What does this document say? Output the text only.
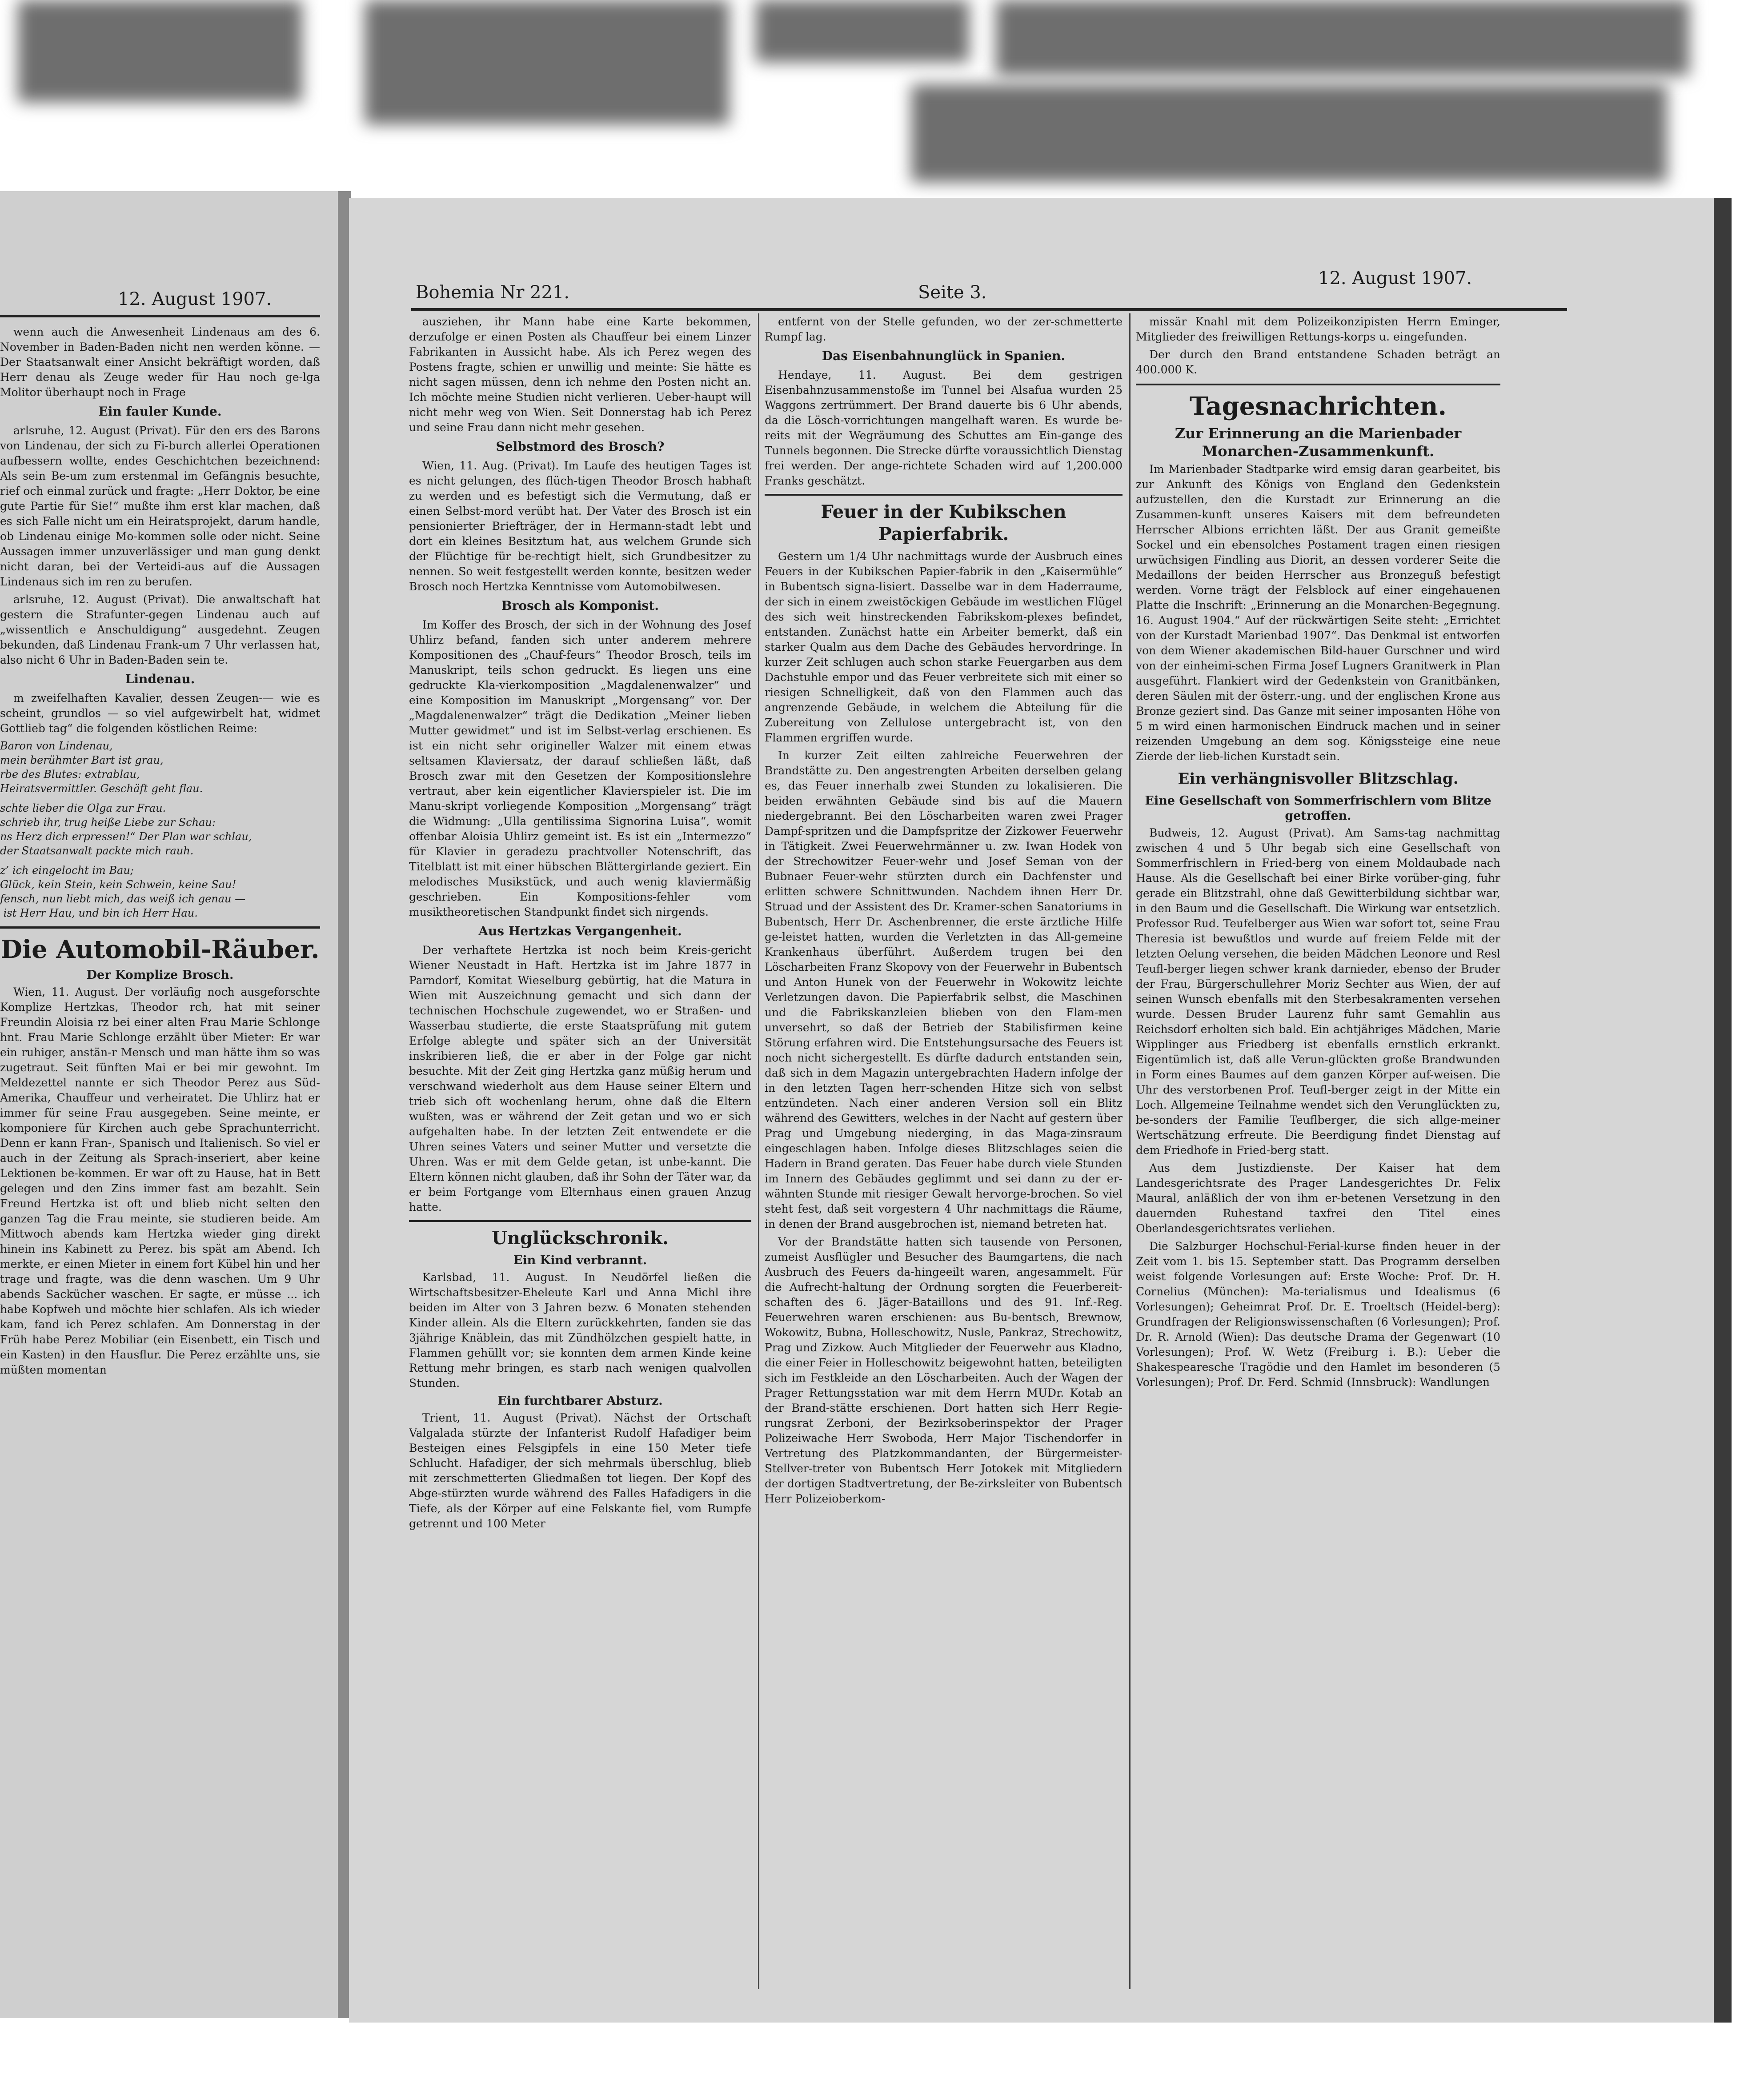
12. August 1907.

wenn auch die Anwesenheit Lindenaus am des 6. November in Baden-Baden nicht nen werden könne. — Der Staatsanwalt einer Ansicht bekräftigt worden, daß Herr denau als Zeuge weder für Hau noch ge-lga Molitor überhaupt noch in Frage

Ein fauler Kunde.

arlsruhe, 12. August (Privat). Für den ers des Barons von Lindenau, der sich zu Fi-burch allerlei Operationen aufbessern wollte, endes Geschichtchen bezeichnend: Als sein Be-um zum erstenmal im Gefängnis besuchte, rief och einmal zurück und fragte: „Herr Doktor, be eine gute Partie für Sie!“ mußte ihm erst klar machen, daß es sich Falle nicht um ein Heiratsprojekt, darum handle, ob Lindenau einige Mo-kommen solle oder nicht. Seine Aussagen immer unzuverlässiger und man gung denkt nicht daran, bei der Verteidi-aus auf die Aussagen Lindenaus sich im ren zu berufen.

arlsruhe, 12. August (Privat). Die anwaltschaft hat gestern die Strafunter-gegen Lindenau auch auf „wissentlich e Anschuldigung“ ausgedehnt. Zeugen bekunden, daß Lindenau Frank-um 7 Uhr verlassen hat, also nicht 6 Uhr in Baden-Baden sein te.

Lindenau.

m zweifelhaften Kavalier, dessen Zeugen-— wie es scheint, grundlos — so viel aufgewirbelt hat, widmet Gottlieb tag“ die folgenden köstlichen Reime:

Baron von Lindenau,
mein berühmter Bart ist grau,
rbe des Blutes: extrablau,
Heiratsvermittler. Geschäft geht flau.
schte lieber die Olga zur Frau.
schrieb ihr, trug heiße Liebe zur Schau:
ns Herz dich erpressen!“ Der Plan war schlau,
der Staatsanwalt packte mich rauh.
z’ ich eingelocht im Bau;
Glück, kein Stein, kein Schwein, keine Sau!
fensch, nun liebt mich, das weiß ich genau —
ist Herr Hau, und bin ich Herr Hau.
Die Automobil-Räuber.
Der Komplize Brosch.

Wien, 11. August. Der vorläufig noch ausgeforschte Komplize Hertzkas, Theodor rch, hat mit seiner Freundin Aloisia rz bei einer alten Frau Marie Schlonge hnt. Frau Marie Schlonge erzählt über Mieter: Er war ein ruhiger, anstän-r Mensch und man hätte ihm so was zugetraut. Seit fünften Mai er bei mir gewohnt. Im Meldezettel nannte er sich Theodor Perez aus Süd-Amerika, Chauffeur und verheiratet. Die Uhlirz hat er immer für seine Frau ausgegeben. Seine meinte, er komponiere für Kirchen auch gebe Sprachunterricht. Denn er kann Fran-, Spanisch und Italienisch. So viel er auch in der Zeitung als Sprach-inseriert, aber keine Lektionen be-kommen. Er war oft zu Hause, hat in Bett gelegen und den Zins immer fast am bezahlt. Sein Freund Hertzka ist oft und blieb nicht selten den ganzen Tag die Frau meinte, sie studieren beide. Am Mittwoch abends kam Hertzka wieder ging direkt hinein ins Kabinett zu Perez. bis spät am Abend. Ich merkte, er einen Mieter in einem fort Kübel hin und her trage und fragte, was die denn waschen. Um 9 Uhr abends Sackücher waschen. Er sagte, er müsse ... ich habe Kopfweh und möchte hier schlafen. Als ich wieder kam, fand ich Perez schlafen. Am Donnerstag in der Früh habe Perez Mobiliar (ein Eisenbett, ein Tisch und ein Kasten) in den Hausflur. Die Perez erzählte uns, sie müßten momentan

Bohemia Nr 221.	Seite 3.
12. August 1907.

ausziehen, ihr Mann habe eine Karte bekommen, derzufolge er einen Posten als Chauffeur bei einem Linzer Fabrikanten in Aussicht habe. Als ich Perez wegen des Postens fragte, schien er unwillig und meinte: Sie hätte es nicht sagen müssen, denn ich nehme den Posten nicht an. Ich möchte meine Studien nicht verlieren. Ueber-haupt will nicht mehr weg von Wien. Seit Donnerstag hab ich Perez und seine Frau dann nicht mehr gesehen.

Selbstmord des Brosch?

Wien, 11. Aug. (Privat). Im Laufe des heutigen Tages ist es nicht gelungen, des flüch-tigen Theodor Brosch habhaft zu werden und es befestigt sich die Vermutung, daß er einen Selbst-mord verübt hat. Der Vater des Brosch ist ein pensionierter Briefträger, der in Hermann-stadt lebt und dort ein kleines Besitztum hat, aus welchem Grunde sich der Flüchtige für be-rechtigt hielt, sich Grundbesitzer zu nennen. So weit festgestellt werden konnte, besitzen weder Brosch noch Hertzka Kenntnisse vom Automobilwesen.

Brosch als Komponist.

Im Koffer des Brosch, der sich in der Wohnung des Josef Uhlirz befand, fanden sich unter anderem mehrere Kompositionen des „Chauf-feurs“ Theodor Brosch, teils im Manuskript, teils schon gedruckt. Es liegen uns eine gedruckte Kla-vierkomposition „Magdalenenwalzer“ und eine Komposition im Manuskript „Morgensang“ vor. Der „Magdalenenwalzer“ trägt die Dedikation „Meiner lieben Mutter gewidmet“ und ist im Selbst-verlag erschienen. Es ist ein nicht sehr origineller Walzer mit einem etwas seltsamen Klaviersatz, der darauf schließen läßt, daß Brosch zwar mit den Gesetzen der Kompositionslehre vertraut, aber kein eigentlicher Klavierspieler ist. Die im Manu-skript vorliegende Komposition „Morgensang“ trägt die Widmung: „Ulla gentilissima Signorina Luisa“, womit offenbar Aloisia Uhlirz gemeint ist. Es ist ein „Intermezzo“ für Klavier in geradezu prachtvoller Notenschrift, das Titelblatt ist mit einer hübschen Blättergirlande geziert. Ein melodisches Musikstück, und auch wenig klaviermäßig geschrieben. Ein Kompositions-fehler vom musiktheoretischen Standpunkt findet sich nirgends.

Aus Hertzkas Vergangenheit.

Der verhaftete Hertzka ist noch beim Kreis-gericht Wiener Neustadt in Haft. Hertzka ist im Jahre 1877 in Parndorf, Komitat Wieselburg gebürtig, hat die Matura in Wien mit Auszeichnung gemacht und sich dann der technischen Hochschule zugewendet, wo er Straßen- und Wasserbau studierte, die erste Staatsprüfung mit gutem Erfolge ablegte und später sich an der Universität inskribieren ließ, die er aber in der Folge gar nicht besuchte. Mit der Zeit ging Hertzka ganz müßig herum und verschwand wiederholt aus dem Hause seiner Eltern und trieb sich oft wochenlang herum, ohne daß die Eltern wußten, was er während der Zeit getan und wo er sich aufgehalten habe. In der letzten Zeit entwendete er die Uhren seines Vaters und seiner Mutter und versetzte die Uhren. Was er mit dem Gelde getan, ist unbe-kannt. Die Eltern können nicht glauben, daß ihr Sohn der Täter war, da er beim Fortgange vom Elternhaus einen grauen Anzug hatte.

Unglückschronik.
Ein Kind verbrannt.

Karlsbad, 11. August. In Neudörfel ließen die Wirtschaftsbesitzer-Eheleute Karl und Anna Michl ihre beiden im Alter von 3 Jahren bezw. 6 Monaten stehenden Kinder allein. Als die Eltern zurückkehrten, fanden sie das 3jährige Knäblein, das mit Zündhölzchen gespielt hatte, in Flammen gehüllt vor; sie konnten dem armen Kinde keine Rettung mehr bringen, es starb nach wenigen qualvollen Stunden.

Ein furchtbarer Absturz.

Trient, 11. August (Privat). Nächst der Ortschaft Valgalada stürzte der Infanterist Rudolf Hafadiger beim Besteigen eines Felsgipfels in eine 150 Meter tiefe Schlucht. Hafadiger, der sich mehrmals überschlug, blieb mit zerschmetterten Gliedmaßen tot liegen. Der Kopf des Abge-stürzten wurde während des Falles Hafadigers in die Tiefe, als der Körper auf eine Felskante fiel, vom Rumpfe getrennt und 100 Meter

entfernt von der Stelle gefunden, wo der zer-schmetterte Rumpf lag.

Das Eisenbahnunglück in Spanien.

Hendaye, 11. August. Bei dem gestrigen Eisenbahnzusammenstoße im Tunnel bei Alsafua wurden 25 Waggons zertrümmert. Der Brand dauerte bis 6 Uhr abends, da die Lösch-vorrichtungen mangelhaft waren. Es wurde be-reits mit der Wegräumung des Schuttes am Ein-gange des Tunnels begonnen. Die Strecke dürfte voraussichtlich Dienstag frei werden. Der ange-richtete Schaden wird auf 1,200.000 Franks geschätzt.

Feuer in der Kubikschen Papierfabrik.

Gestern um 1/4 Uhr nachmittags wurde der Ausbruch eines Feuers in der Kubikschen Papier-fabrik in den „Kaisermühle“ in Bubentsch signa-lisiert. Dasselbe war in dem Haderraume, der sich in einem zweistöckigen Gebäude im westlichen Flügel des sich weit hinstreckenden Fabrikskom-plexes befindet, entstanden. Zunächst hatte ein Arbeiter bemerkt, daß ein starker Qualm aus dem Dache des Gebäudes hervordringe. In kurzer Zeit schlugen auch schon starke Feuergarben aus dem Dachstuhle empor und das Feuer verbreitete sich mit einer so riesigen Schnelligkeit, daß von den Flammen auch das angrenzende Gebäude, in welchem die Abteilung für die Zubereitung von Zellulose untergebracht ist, von den Flammen ergriffen wurde.

In kurzer Zeit eilten zahlreiche Feuerwehren der Brandstätte zu. Den angestrengten Arbeiten derselben gelang es, das Feuer innerhalb zwei Stunden zu lokalisieren. Die beiden erwähnten Gebäude sind bis auf die Mauern niedergebrannt. Bei den Löscharbeiten waren zwei Prager Dampf-spritzen und die Dampfspritze der Zizkower Feuerwehr in Tätigkeit. Zwei Feuerwehrmänner u. zw. Iwan Hodek von der Strechowitzer Feuer-wehr und Josef Seman von der Bubnaer Feuer-wehr stürzten durch ein Dachfenster und erlitten schwere Schnittwunden. Nachdem ihnen Herr Dr. Struad und der Assistent des Dr. Kramer-schen Sanatoriums in Bubentsch, Herr Dr. Aschenbrenner, die erste ärztliche Hilfe ge-leistet hatten, wurden die Verletzten in das All-gemeine Krankenhaus überführt. Außerdem trugen bei den Löscharbeiten Franz Skopovy von der Feuerwehr in Bubentsch und Anton Hunek von der Feuerwehr in Wokowitz leichte Verletzungen davon. Die Papierfabrik selbst, die Maschinen und die Fabrikskanzleien blieben von den Flam-men unversehrt, so daß der Betrieb der Stabilisfirmen keine Störung erfahren wird. Die Entstehungsursache des Feuers ist noch nicht sichergestellt. Es dürfte dadurch entstanden sein, daß sich in dem Magazin untergebrachten Hadern infolge der in den letzten Tagen herr-schenden Hitze sich von selbst entzündeten. Nach einer anderen Version soll ein Blitz während des Gewitters, welches in der Nacht auf gestern über Prag und Umgebung niederging, in das Maga-zinsraum eingeschlagen haben. Infolge dieses Blitzschlages seien die Hadern in Brand geraten. Das Feuer habe durch viele Stunden im Innern des Gebäudes geglimmt und sei dann zu der er-wähnten Stunde mit riesiger Gewalt hervorge-brochen. So viel steht fest, daß seit vorgestern 4 Uhr nachmittags die Räume, in denen der Brand ausgebrochen ist, niemand betreten hat.

Vor der Brandstätte hatten sich tausende von Personen, zumeist Ausflügler und Besucher des Baumgartens, die nach Ausbruch des Feuers da-hingeeilt waren, angesammelt. Für die Aufrecht-haltung der Ordnung sorgten die Feuerbereit-schaften des 6. Jäger-Bataillons und des 91. Inf.-Reg. Feuerwehren waren erschienen: aus Bu-bentsch, Brewnow, Wokowitz, Bubna, Holleschowitz, Nusle, Pankraz, Strechowitz, Prag und Zizkow. Auch Mitglieder der Feuerwehr aus Kladno, die einer Feier in Holleschowitz beigewohnt hatten, beteiligten sich im Festkleide an den Löscharbeiten. Auch der Wagen der Prager Rettungsstation war mit dem Herrn MUDr. Kotab an der Brand-stätte erschienen. Dort hatten sich Herr Regie-rungsrat Zerboni, der Bezirksoberinspektor der Prager Polizeiwache Herr Swoboda, Herr Major Tischendorfer in Vertretung des Platzkommandanten, der Bürgermeister-Stellver-treter von Bubentsch Herr Jotokek mit Mitgliedern der dortigen Stadtvertretung, der Be-zirksleiter von Bubentsch Herr Polizeioberkom-

missär Knahl mit dem Polizeikonzipisten Herrn Eminger, Mitglieder des freiwilligen Rettungs-korps u. eingefunden.

Der durch den Brand entstandene Schaden beträgt an 400.000 K.

Tagesnachrichten.
Zur Erinnerung an die Marienbader Monarchen-Zusammenkunft.

Im Marienbader Stadtparke wird emsig daran gearbeitet, bis zur Ankunft des Königs von England den Gedenkstein aufzustellen, den die Kurstadt zur Erinnerung an die Zusammen-kunft unseres Kaisers mit dem befreundeten Herrscher Albions errichten läßt. Der aus Granit gemeißte Sockel und ein ebensolches Postament tragen einen riesigen urwüchsigen Findling aus Diorit, an dessen vorderer Seite die Medaillons der beiden Herrscher aus Bronzeguß befestigt werden. Vorne trägt der Felsblock auf einer eingehauenen Platte die Inschrift: „Erinnerung an die Monarchen-Begegnung. 16. August 1904.“ Auf der rückwärtigen Seite steht: „Errichtet von der Kurstadt Marienbad 1907“. Das Denkmal ist entworfen von dem Wiener akademischen Bild-hauer Gurschner und wird von der einheimi-schen Firma Josef Lugners Granitwerk in Plan ausgeführt. Flankiert wird der Gedenkstein von Granitbänken, deren Säulen mit der österr.-ung. und der englischen Krone aus Bronze geziert sind. Das Ganze mit seiner imposanten Höhe von 5 m wird einen harmonischen Eindruck machen und in seiner reizenden Umgebung an dem sog. Königssteige eine neue Zierde der lieb-lichen Kurstadt sein.

Ein verhängnisvoller Blitzschlag.
Eine Gesellschaft von Sommerfrischlern vom Blitze getroffen.

Budweis, 12. August (Privat). Am Sams-tag nachmittag zwischen 4 und 5 Uhr begab sich eine Gesellschaft von Sommerfrischlern in Fried-berg von einem Moldaubade nach Hause. Als die Gesellschaft bei einer Birke vorüber-ging, fuhr gerade ein Blitzstrahl, ohne daß Gewitterbildung sichtbar war, in den Baum und die Gesellschaft. Die Wirkung war entsetzlich. Professor Rud. Teufelberger aus Wien war sofort tot, seine Frau Theresia ist bewußtlos und wurde auf freiem Felde mit der letzten Oelung versehen, die beiden Mädchen Leonore und Resl Teufl-berger liegen schwer krank darnieder, ebenso der Bruder der Frau, Bürgerschullehrer Moriz Sechter aus Wien, der auf seinen Wunsch ebenfalls mit den Sterbesakramenten versehen wurde. Dessen Bruder Laurenz fuhr samt Gemahlin aus Reichsdorf erholten sich bald. Ein achtjähriges Mädchen, Marie Wipplinger aus Friedberg ist ebenfalls ernstlich erkrankt. Eigentümlich ist, daß alle Verun-glückten große Brandwunden in Form eines Baumes auf dem ganzen Körper auf-weisen. Die Uhr des verstorbenen Prof. Teufl-berger zeigt in der Mitte ein Loch. Allgemeine Teilnahme wendet sich den Verunglückten zu, be-sonders der Familie Teuflberger, die sich allge-meiner Wertschätzung erfreute. Die Beerdigung findet Dienstag auf dem Friedhofe in Fried-berg statt.

Aus dem Justizdienste. Der Kaiser hat dem Landesgerichtsrate des Prager Landesgerichtes Dr. Felix Maural, anläßlich der von ihm er-betenen Versetzung in den dauernden Ruhestand taxfrei den Titel eines Oberlandesgerichtsrates verliehen.

Die Salzburger Hochschul-Ferial-kurse finden heuer in der Zeit vom 1. bis 15. September statt. Das Programm derselben weist folgende Vorlesungen auf: Erste Woche: Prof. Dr. H. Cornelius (München): Ma-terialismus und Idealismus (6 Vorlesungen); Geheimrat Prof. Dr. E. Troeltsch (Heidel-berg): Grundfragen der Religionswissenschaften (6 Vorlesungen); Prof. Dr. R. Arnold (Wien): Das deutsche Drama der Gegenwart (10 Vorlesungen); Prof. W. Wetz (Freiburg i. B.): Ueber die Shakespearesche Tragödie und den Hamlet im besonderen (5 Vorlesungen); Prof. Dr. Ferd. Schmid (Innsbruck): Wandlungen
